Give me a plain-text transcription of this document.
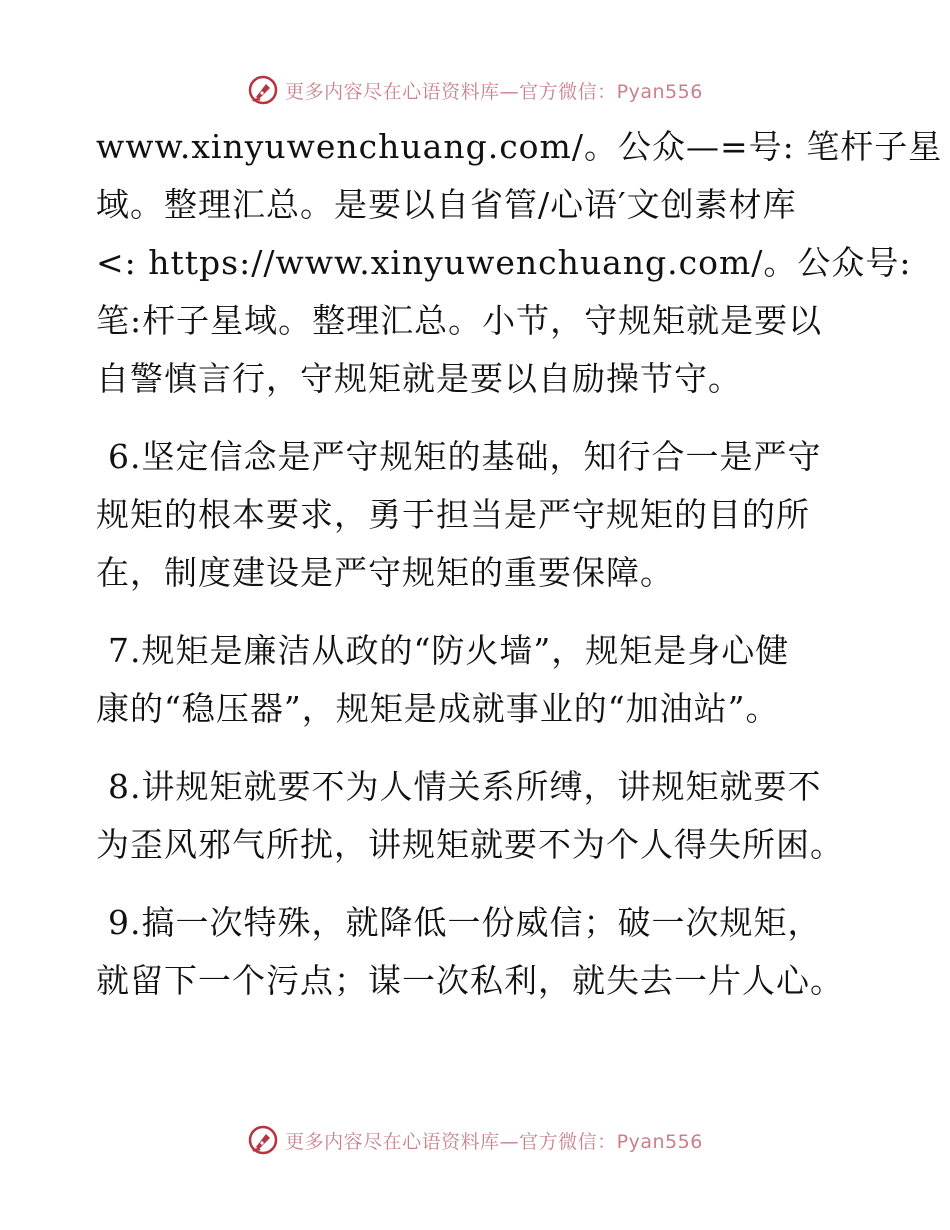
更多内容尽在心语资料库—官方微信：Pyan556
www.xinyuwenchuang.com/。公众—=号: 笔杆子星
域。整理汇总。是要以自省管/心语′文创素材库
<: https://www.xinyuwenchuang.com/。公众号:
笔:杆子星域。整理汇总。小节，守规矩就是要以
自警慎言行，守规矩就是要以自励操节守。
6.坚定信念是严守规矩的基础，知行合一是严守
规矩的根本要求，勇于担当是严守规矩的目的所
在，制度建设是严守规矩的重要保障。
7.规矩是廉洁从政的“防火墙”，规矩是身心健
康的“稳压器”，规矩是成就事业的“加油站”。
8.讲规矩就要不为人情关系所缚，讲规矩就要不
为歪风邪气所扰，讲规矩就要不为个人得失所困。
9.搞一次特殊，就降低一份威信；破一次规矩，
就留下一个污点；谋一次私利，就失去一片人心。
更多内容尽在心语资料库—官方微信：Pyan556
